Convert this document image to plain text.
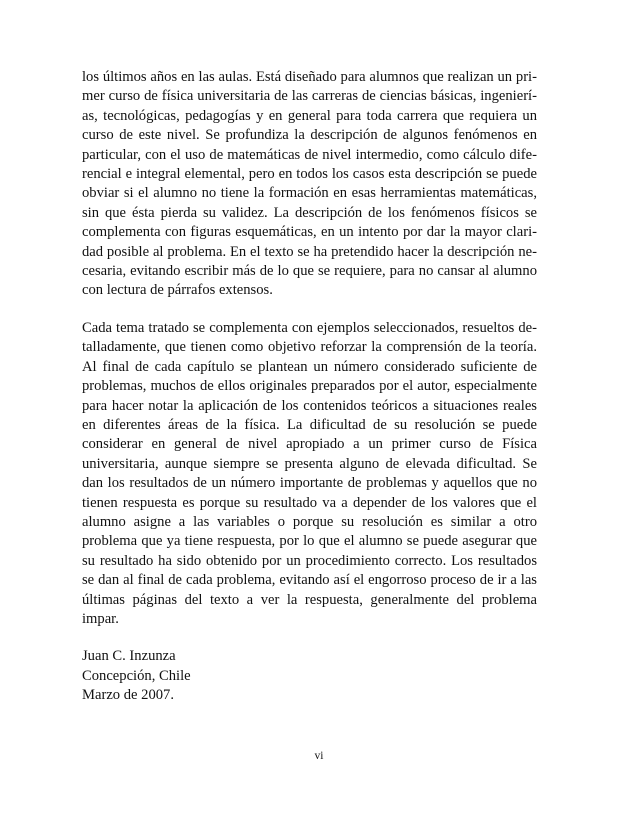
los últimos años en las aulas. Está diseñado para alumnos que realizan un primer curso de física universitaria de las carreras de ciencias básicas, ingenierías, tecnológicas, pedagogías y en general para toda carrera que requiera un curso de este nivel. Se profundiza la descripción de algunos fenómenos en particular, con el uso de matemáticas de nivel intermedio, como cálculo diferencial e integral elemental, pero en todos los casos esta descripción se puede obviar si el alumno no tiene la formación en esas herramientas matemáticas, sin que ésta pierda su validez. La descripción de los fenómenos físicos se complementa con figuras esquemáticas, en un intento por dar la mayor claridad posible al problema. En el texto se ha pretendido hacer la descripción necesaria, evitando escribir más de lo que se requiere, para no cansar al alumno con lectura de párrafos extensos.

Cada tema tratado se complementa con ejemplos seleccionados, resueltos detalladamente, que tienen como objetivo reforzar la comprensión de la teoría. Al final de cada capítulo se plantean un número considerado suficiente de problemas, muchos de ellos originales preparados por el autor, especialmente para hacer notar la aplicación de los contenidos teóricos a situaciones reales en diferentes áreas de la física. La dificultad de su resolución se puede considerar en general de nivel apropiado a un primer curso de Física universitaria, aunque siempre se presenta alguno de elevada dificultad. Se dan los resultados de un número importante de problemas y aquellos que no tienen respuesta es porque su resultado va a depender de los valores que el alumno asigne a las variables o porque su resolución es similar a otro problema que ya tiene respuesta, por lo que el alumno se puede asegurar que su resultado ha sido obtenido por un procedimiento correcto. Los resultados se dan al final de cada problema, evitando así el engorroso proceso de ir a las últimas páginas del texto a ver la respuesta, generalmente del problema impar.

Juan C. Inzunza
Concepción, Chile
Marzo de 2007.
vi
